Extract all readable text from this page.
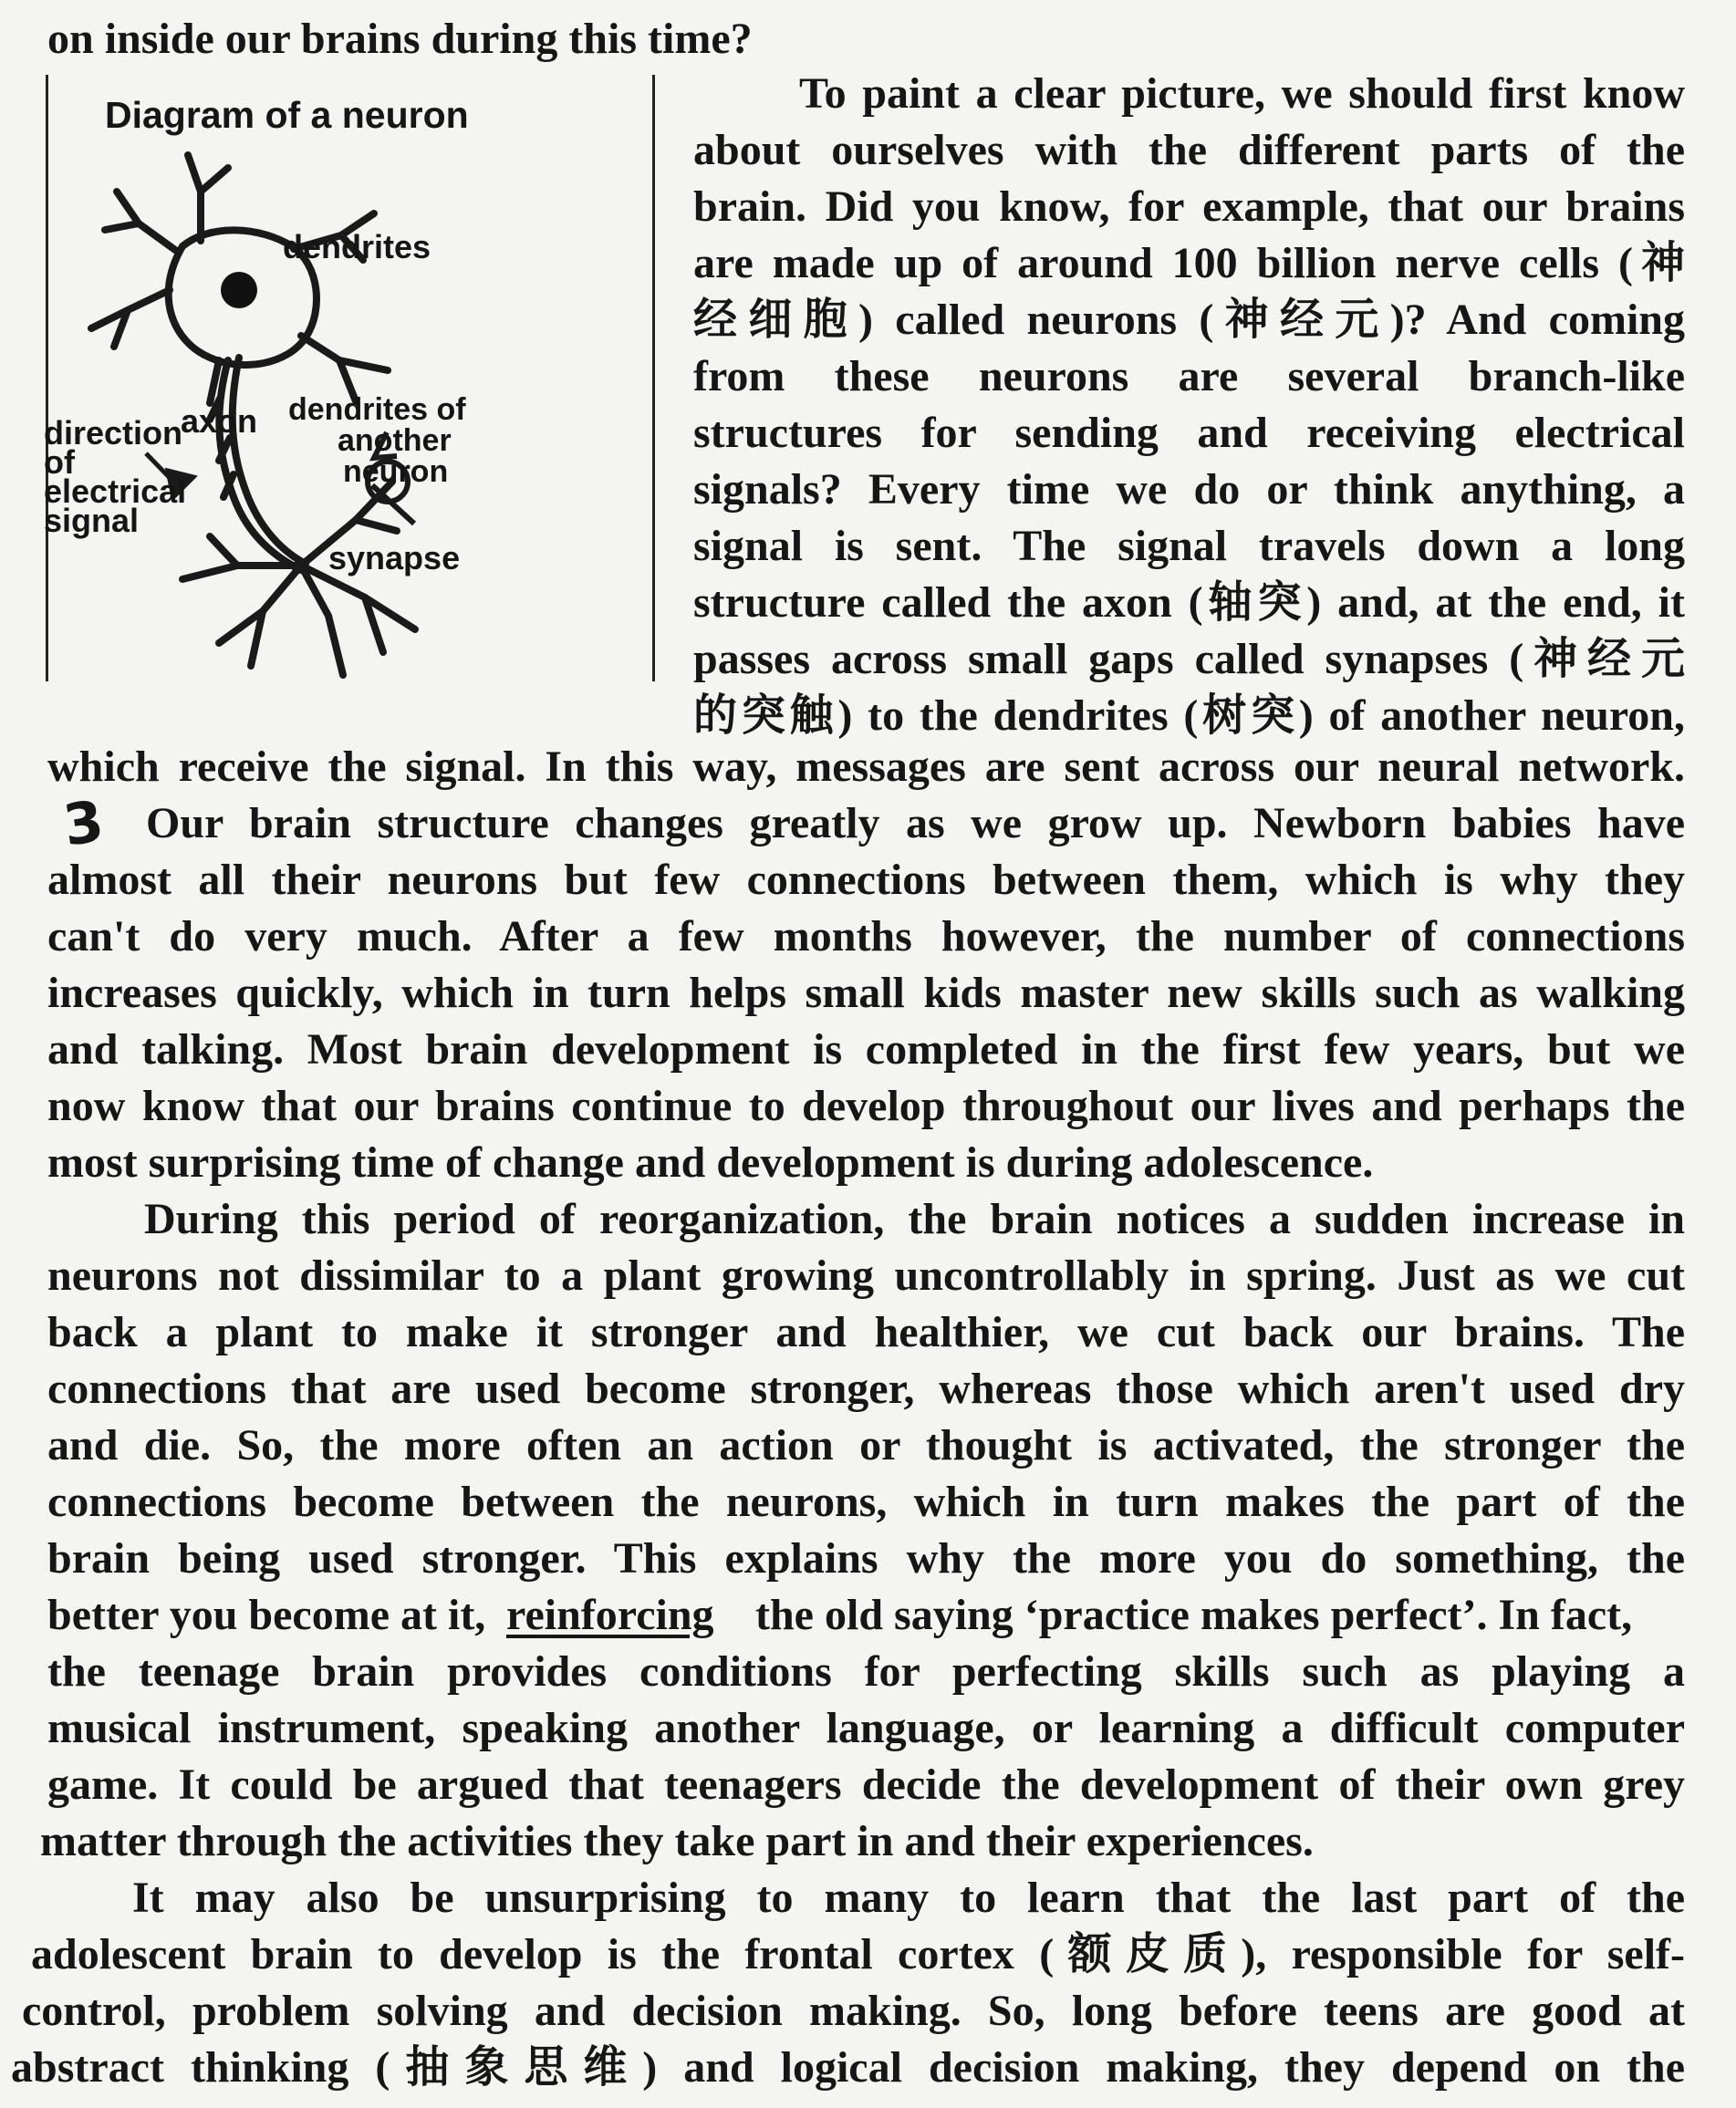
on inside our brains during this time?
Diagram of a neuron
dendrites
direction
of
electrical
signal
axon dendrites of
another
neuron
synapse
To paint a clear picture, we should first know
about ourselves with the different parts of the
brain. Did you know, for example, that our brains
are made up of around 100 billion nerve cells (神
经细胞) called neurons (神经元)? And coming
from these neurons are several branch-like
structures for sending and receiving electrical
signals? Every time we do or think anything, a
signal is sent. The signal travels down a long
structure called the axon (轴突) and, at the end, it
passes across small gaps called synapses (神经元
的突触) to the dendrites (树突) of another neuron,
which receive the signal. In this way, messages are sent across our neural network.
3 Our brain structure changes greatly as we grow up. Newborn babies have
almost all their neurons but few connections between them, which is why they
can't do very much. After a few months however, the number of connections
increases quickly, which in turn helps small kids master new skills such as walking
and talking. Most brain development is completed in the first few years, but we
now know that our brains continue to develop throughout our lives and perhaps the
most surprising time of change and development is during adolescence.
During this period of reorganization, the brain notices a sudden increase in
neurons not dissimilar to a plant growing uncontrollably in spring. Just as we cut
back a plant to make it stronger and healthier, we cut back our brains. The
connections that are used become stronger, whereas those which aren't used dry
and die. So, the more often an action or thought is activated, the stronger the
connections become between the neurons, which in turn makes the part of the
brain being used stronger. This explains why the more you do something, the
better you become at it, reinforcing the old saying ‘practice makes perfect’. In fact,
the teenage brain provides conditions for perfecting skills such as playing a
musical instrument, speaking another language, or learning a difficult computer
game. It could be argued that teenagers decide the development of their own grey
matter through the activities they take part in and their experiences.
It may also be unsurprising to many to learn that the last part of the
adolescent brain to develop is the frontal cortex (额皮质), responsible for self-
control, problem solving and decision making. So, long before teens are good at
abstract thinking (抽象思维) and logical decision making, they depend on the
